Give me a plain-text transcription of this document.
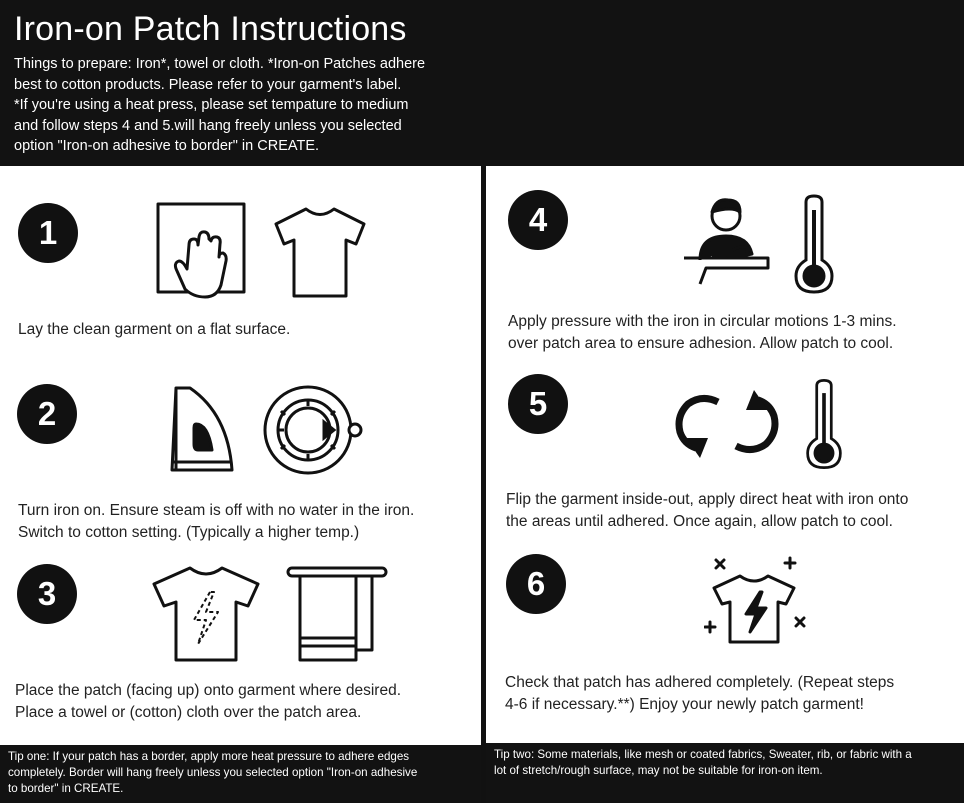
Iron-on Patch Instructions

Things to prepare: Iron*, towel or cloth. *Iron-on Patches adhere
best to cotton products. Please refer to your garment's label.
*If you're using a heat press, please set tempature to medium
and follow steps 4 and 5.will hang freely unless you selected
option "Iron-on adhesive to border" in CREATE.

1
Lay the clean garment on a flat surface.
2
Turn iron on. Ensure steam is off with no water in the iron.
Switch to cotton setting. (Typically a higher temp.)
3
Place the patch (facing up) onto garment where desired.
Place a towel or (cotton) cloth over the patch area.
4
Apply pressure with the iron in circular motions 1-3 mins.
over patch area to ensure adhesion. Allow patch to cool.
5
Flip the garment inside-out, apply direct heat with iron onto
the areas until adhered. Once again, allow patch to cool.
6
Check that patch has adhered completely. (Repeat steps
4-6 if necessary.**) Enjoy your newly patch garment!
Tip one: If your patch has a border, apply more heat pressure to adhere edges
completely. Border will hang freely unless you selected option "Iron-on adhesive
to border" in CREATE.
Tip two: Some materials, like mesh or coated fabrics, Sweater, rib, or fabric with a
lot of stretch/rough surface, may not be suitable for iron-on item.
